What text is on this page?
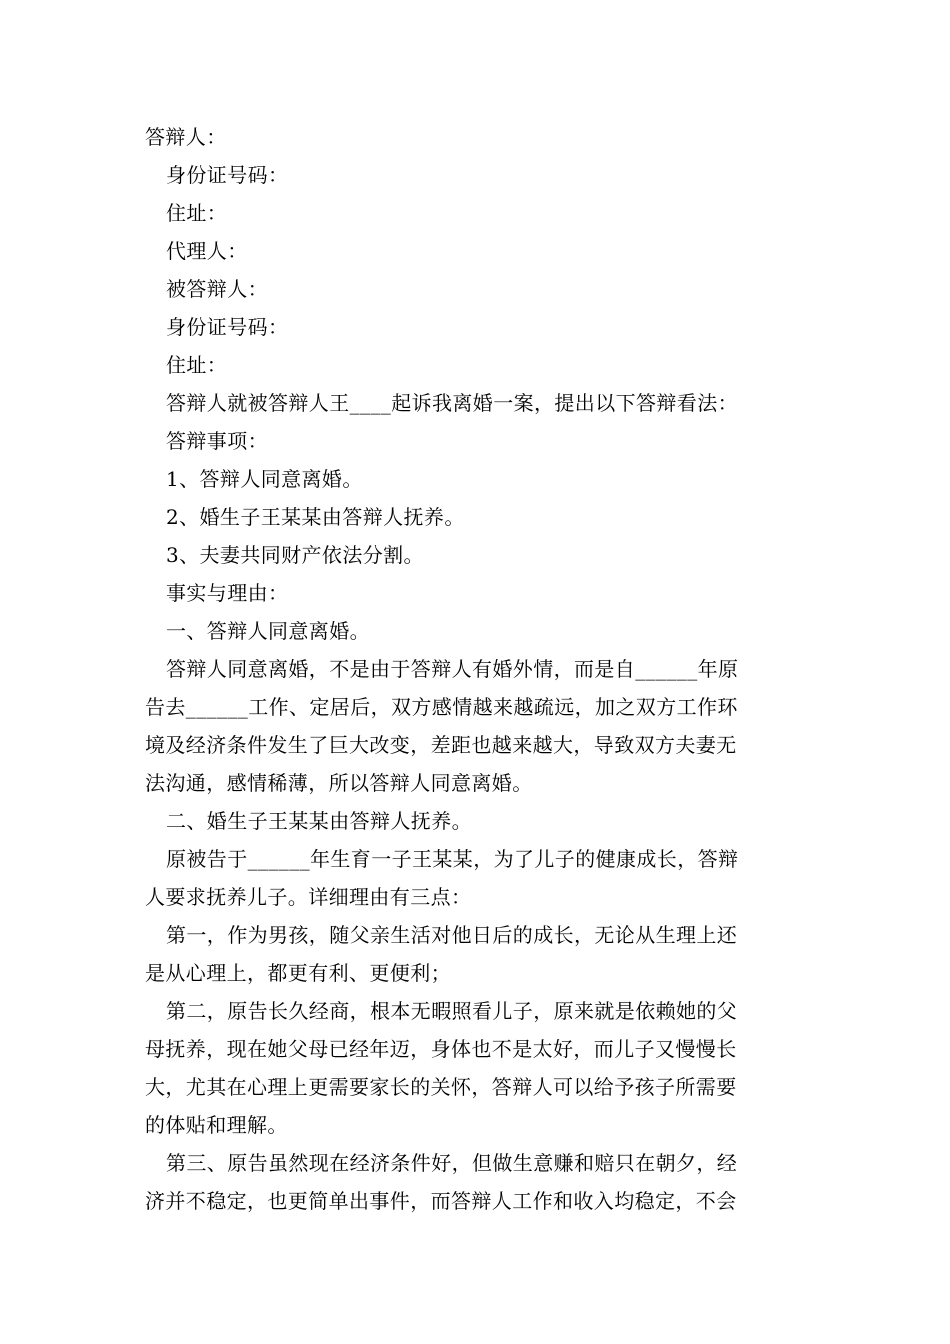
答辩人：

身份证号码：

住址：

代理人：

被答辩人：

身份证号码：

住址：

答辩人就被答辩人王____起诉我离婚一案，提出以下答辩看法：

答辩事项：

1、答辩人同意离婚。

2、婚生子王某某由答辩人抚养。

3、夫妻共同财产依法分割。

事实与理由：

一、答辩人同意离婚。

答辩人同意离婚，不是由于答辩人有婚外情，而是自______年原

告去______工作、定居后，双方感情越来越疏远，加之双方工作环

境及经济条件发生了巨大改变，差距也越来越大，导致双方夫妻无

法沟通，感情稀薄，所以答辩人同意离婚。

二、婚生子王某某由答辩人抚养。

原被告于______年生育一子王某某，为了儿子的健康成长，答辩

人要求抚养儿子。详细理由有三点：

第一，作为男孩，随父亲生活对他日后的成长，无论从生理上还

是从心理上，都更有利、更便利；

第二，原告长久经商，根本无暇照看儿子，原来就是依赖她的父

母抚养，现在她父母已经年迈，身体也不是太好，而儿子又慢慢长

大，尤其在心理上更需要家长的关怀，答辩人可以给予孩子所需要

的体贴和理解。

第三、原告虽然现在经济条件好，但做生意赚和赔只在朝夕，经

济并不稳定，也更简单出事件，而答辩人工作和收入均稳定，不会
